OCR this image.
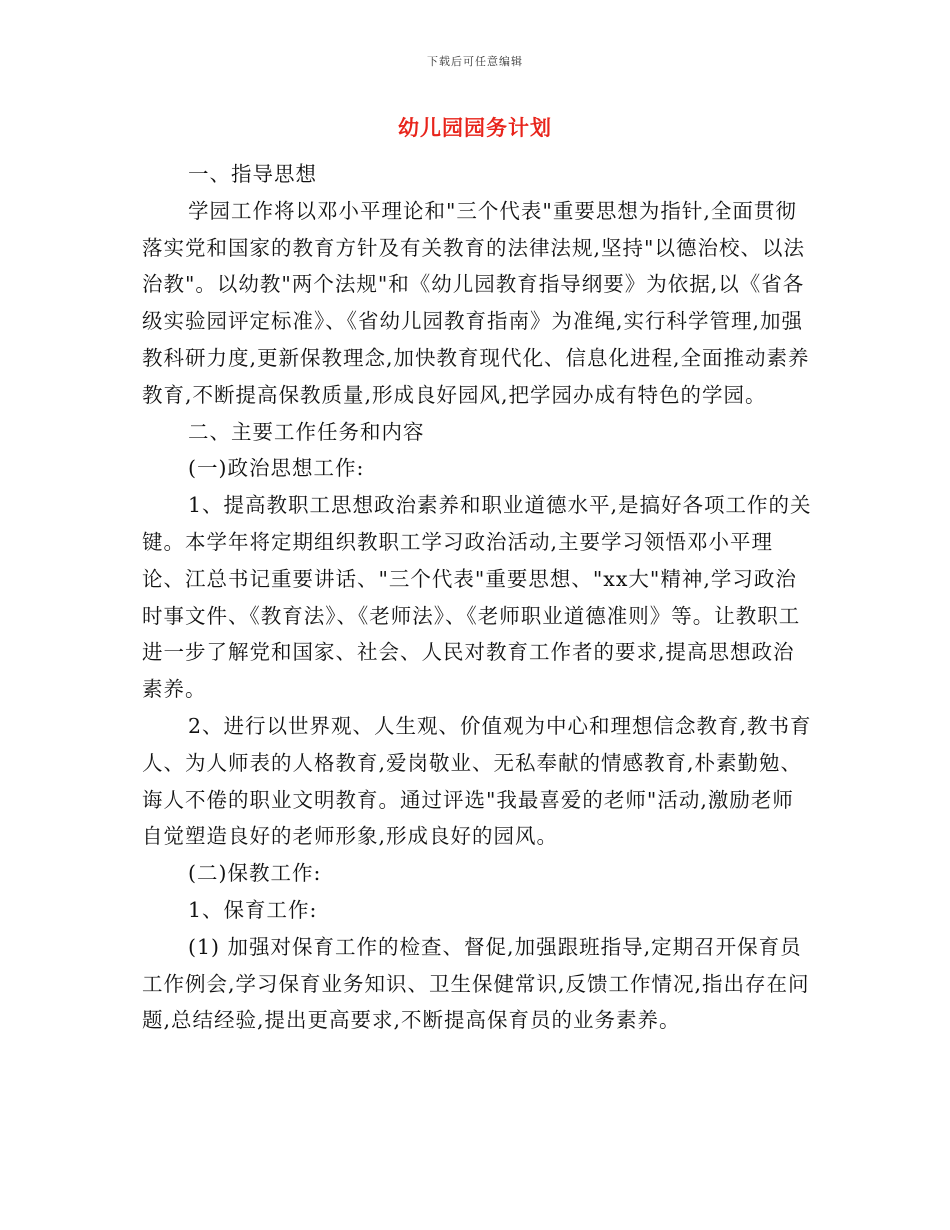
下载后可任意编辑
幼儿园园务计划

一、指导思想

学园工作将以邓小平理论和"三个代表"重要思想为指针,全面贯彻落实党和国家的教育方针及有关教育的法律法规,坚持"以德治校、以法治教"。以幼教"两个法规"和《幼儿园教育指导纲要》为依据,以《省各级实验园评定标准》、《省幼儿园教育指南》为准绳,实行科学管理,加强教科研力度,更新保教理念,加快教育现代化、信息化进程,全面推动素养教育,不断提高保教质量,形成良好园风,把学园办成有特色的学园。

二、主要工作任务和内容

(一)政治思想工作:

1、提高教职工思想政治素养和职业道德水平,是搞好各项工作的关键。本学年将定期组织教职工学习政治活动,主要学习领悟邓小平理论、江总书记重要讲话、"三个代表"重要思想、"xx大"精神,学习政治时事文件、《教育法》、《老师法》、《老师职业道德准则》等。让教职工进一步了解党和国家、社会、人民对教育工作者的要求,提高思想政治素养。

2、进行以世界观、人生观、价值观为中心和理想信念教育,教书育人、为人师表的人格教育,爱岗敬业、无私奉献的情感教育,朴素勤勉、诲人不倦的职业文明教育。通过评选"我最喜爱的老师"活动,激励老师自觉塑造良好的老师形象,形成良好的园风。

(二)保教工作:

1、保育工作:

(1) 加强对保育工作的检查、督促,加强跟班指导,定期召开保育员工作例会,学习保育业务知识、卫生保健常识,反馈工作情况,指出存在问题,总结经验,提出更高要求,不断提高保育员的业务素养。
